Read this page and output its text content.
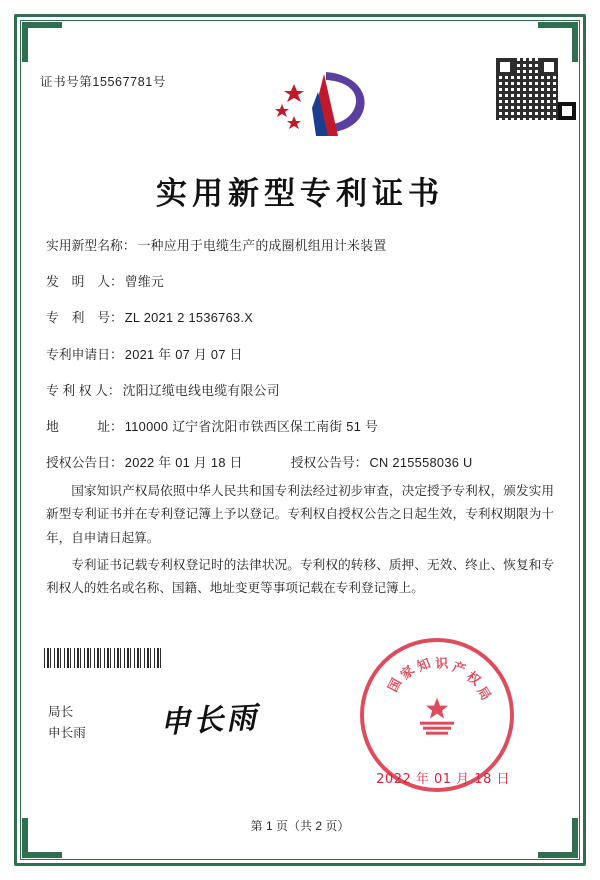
证书号第15567781号
实用新型专利证书
实用新型名称： 一种应用于电缆生产的成圈机组用计米装置
发　明　人： 曾维元
专　利　号： ZL 2021 2 1536763.X
专利申请日： 2021 年 07 月 07 日
专 利 权 人： 沈阳辽缆电线电缆有限公司
地　　　址： 110000 辽宁省沈阳市铁西区保工南街 51 号
授权公告日： 2022 年 01 月 18 日	授权公告号： CN 215558036 U

国家知识产权局依照中华人民共和国专利法经过初步审查，决定授予专利权，颁发实用新型专利证书并在专利登记簿上予以登记。专利权自授权公告之日起生效，专利权期限为十年，自申请日起算。

专利证书记载专利权登记时的法律状况。专利权的转移、质押、无效、终止、恢复和专利权人的姓名或名称、国籍、地址变更等事项记载在专利登记簿上。

局长
申长雨 申长雨
国
家
知 识 产
权
局
2022 年 01 月 18 日
第 1 页（共 2 页）
